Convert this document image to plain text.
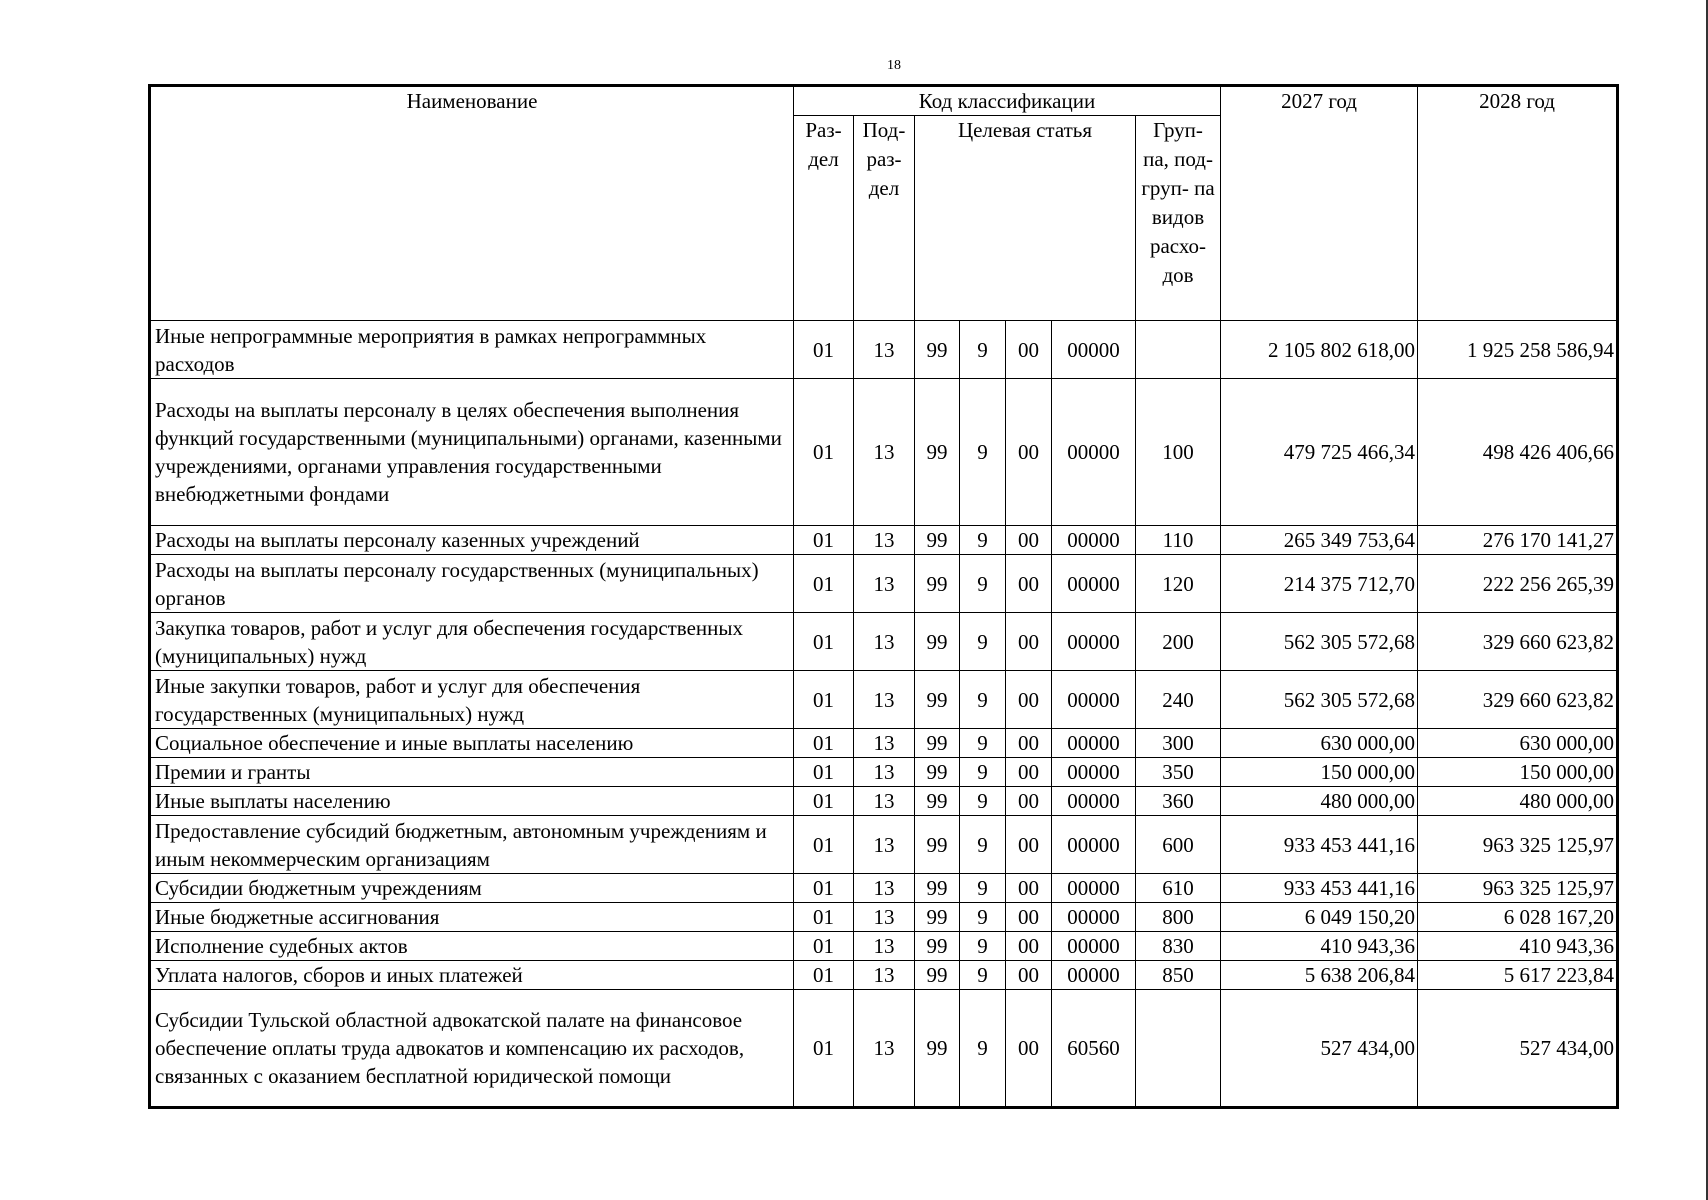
18
Наименование	Код классификации							2027 год	2028 год
	Раз- дел	Под- раз- дел	Целевая статья				Груп- па, под- груп- па видов расхо- дов		
Иные непрограммные мероприятия в рамках непрограммных расходов	01	13	99	9	00	00000		2 105 802 618,00	1 925 258 586,94
Расходы на выплаты персоналу в целях обеспечения выполнения функций государственными (муниципальными) органами, казенными учреждениями, органами управления государственными внебюджетными фондами	01	13	99	9	00	00000	100	479 725 466,34	498 426 406,66
Расходы на выплаты персоналу казенных учреждений	01	13	99	9	00	00000	110	265 349 753,64	276 170 141,27
Расходы на выплаты персоналу государственных (муниципальных) органов	01	13	99	9	00	00000	120	214 375 712,70	222 256 265,39
Закупка товаров, работ и услуг для обеспечения государственных (муниципальных) нужд	01	13	99	9	00	00000	200	562 305 572,68	329 660 623,82
Иные закупки товаров, работ и услуг для обеспечения государственных (муниципальных) нужд	01	13	99	9	00	00000	240	562 305 572,68	329 660 623,82
Социальное обеспечение и иные выплаты населению	01	13	99	9	00	00000	300	630 000,00	630 000,00
Премии и гранты	01	13	99	9	00	00000	350	150 000,00	150 000,00
Иные выплаты населению	01	13	99	9	00	00000	360	480 000,00	480 000,00
Предоставление субсидий бюджетным, автономным учреждениям и иным некоммерческим организациям	01	13	99	9	00	00000	600	933 453 441,16	963 325 125,97
Субсидии бюджетным учреждениям	01	13	99	9	00	00000	610	933 453 441,16	963 325 125,97
Иные бюджетные ассигнования	01	13	99	9	00	00000	800	6 049 150,20	6 028 167,20
Исполнение судебных актов	01	13	99	9	00	00000	830	410 943,36	410 943,36
Уплата налогов, сборов и иных платежей	01	13	99	9	00	00000	850	5 638 206,84	5 617 223,84
Субсидии Тульской областной адвокатской палате на финансовое обеспечение оплаты труда адвокатов и компенсацию их расходов, связанных с оказанием бесплатной юридической помощи	01	13	99	9	00	60560		527 434,00	527 434,00
